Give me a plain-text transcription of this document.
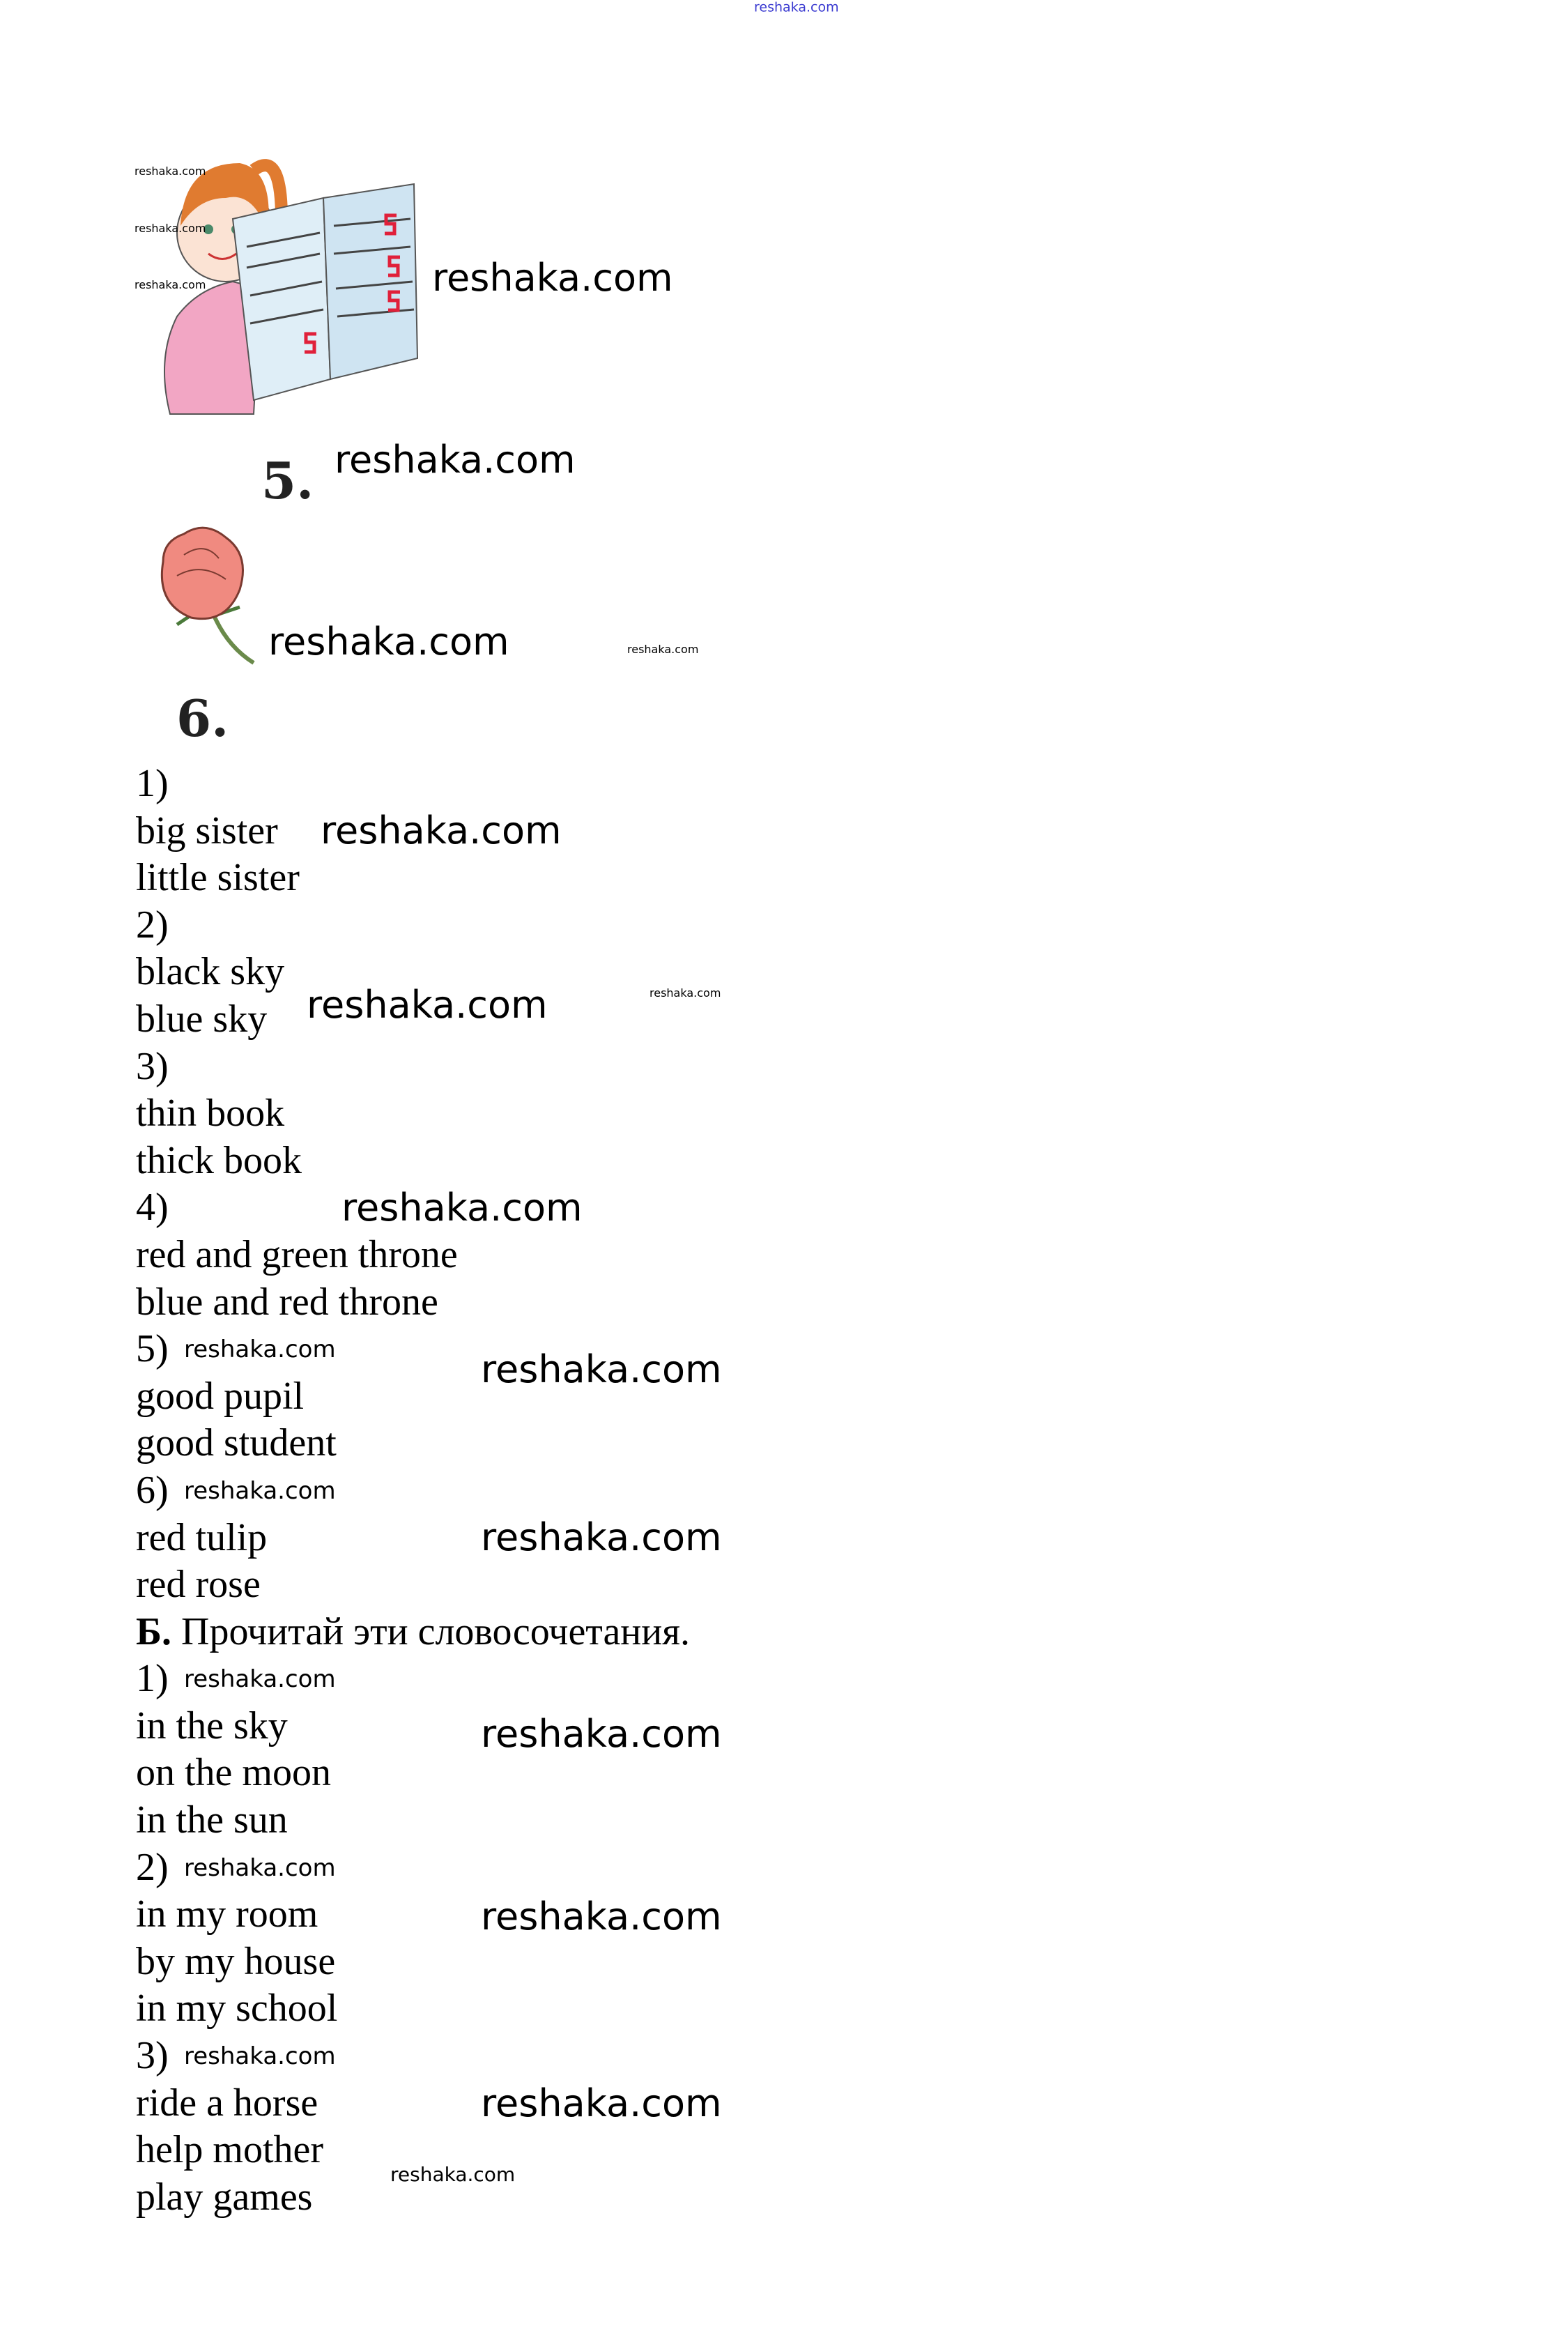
reshaka.com
reshaka.com
reshaka.com
reshaka.com	reshaka.com
5. reshaka.com
reshaka.com	reshaka.com
6.
1)
big sister
little sister
2)
black sky
blue sky
3)
thin book
thick book
4)
red and green throne
blue and red throne
5)
good pupil
good student
6)
red tulip
red rose
Б. Прочитай эти словосочетания.
1)
in the sky
on the moon
in the sun
2)
in my room
by my house
in my school
3)
ride a horse
help mother
play games
reshaka.com
reshaka.com	reshaka.com
reshaka.com
reshaka.com	reshaka.com
reshaka.com
reshaka.com
reshaka.com
reshaka.com
reshaka.com
reshaka.com
reshaka.com
reshaka.com
reshaka.com
